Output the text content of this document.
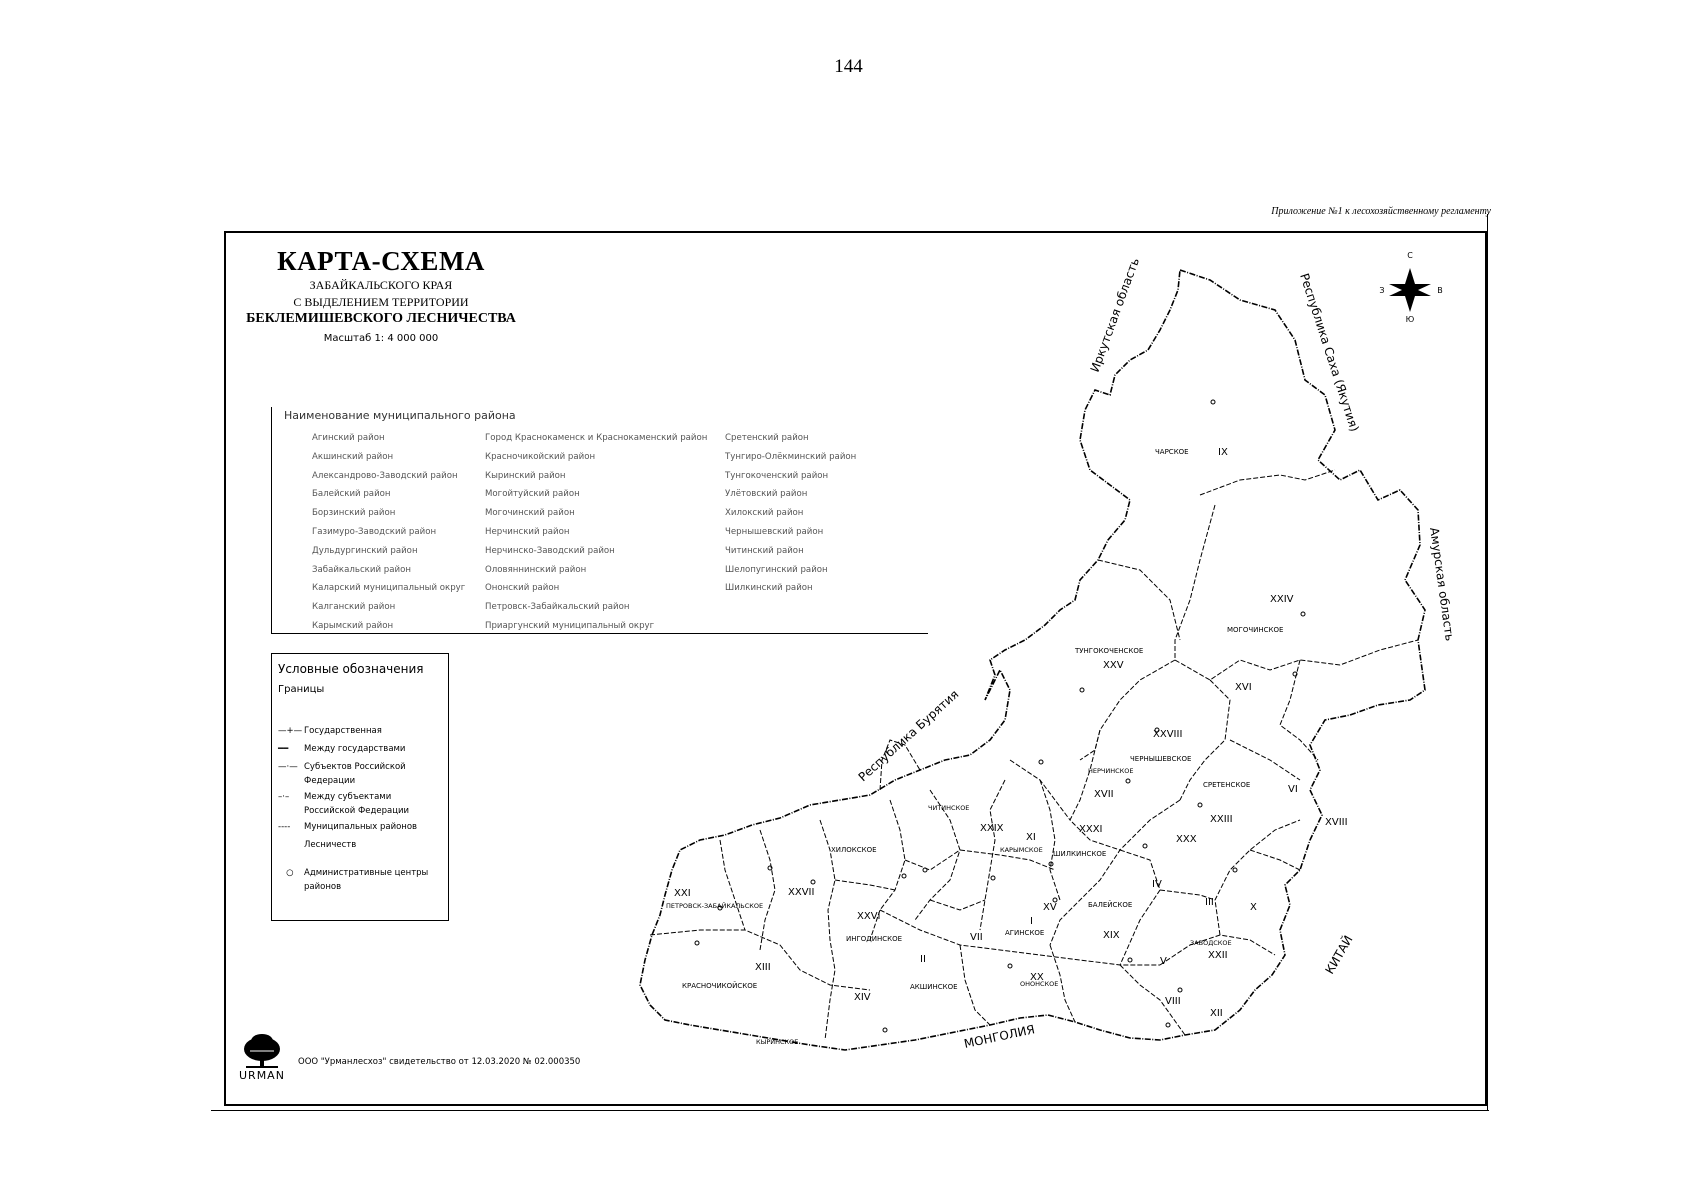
144
Приложение №1 к лесохозяйственному регламенту
С
Ю
З	В
Иркутская область	Республика Саха (Якутия)
Амурская область
Республика Бурятия
МОНГОЛИЯ
КИТАЙ
IX
ЧАРСКОЕ
XXIV
МОГОЧИНСКОЕ
XXV
ТУНГОКОЧЕНСКОЕ
XVI
XXVIII
ЧЕРНЫШЕВСКОЕ
VI
СРЕТЕНСКОЕ
XVII
НЕРЧИНСКОЕ
XXIII	XVIII
XXXI
ШИЛКИНСКОЕ
XXX
XI
КАРЫМСКОЕ
XXIX
ЧИТИНСКОЕ
XXVII
ХИЛОКСКОЕ
XXI
ПЕТРОВСК-ЗАБАЙКАЛЬСКОЕ
XXVI
ИНГОДИНСКОЕ
XIII
КРАСНОЧИКОЙСКОЕ
XIV
КЫРИНСКОЕ
II
АКШИНСКОЕ
VII
I
АГИНСКОЕ
XV
XIX
БАЛЕЙСКОЕ
IV
III
ЗАВОДСКОЕ
X
V
XXII
XX
ОНОНСКОЕ
VIII
XII
КАРТА-СХЕМА
ЗАБАЙКАЛЬСКОГО КРАЯ
С ВЫДЕЛЕНИЕМ ТЕРРИТОРИИ
БЕКЛЕМИШЕВСКОГО ЛЕСНИЧЕСТВА
Масштаб 1: 4 000 000
Наименование муниципального района
Агинский район
Акшинский район
Александрово-Заводский район
Балейский район
Борзинский район
Газимуро-Заводский район
Дульдургинский район
Забайкальский район
Каларский муниципальный округ
Калганский район
Карымский район
Город Краснокаменск и Краснокаменский район
Красночикойский район
Кыринский район
Могойтуйский район
Могочинский район
Нерчинский район
Нерчинско-Заводский район
Оловяннинский район
Ононский район
Петровск-Забайкальский район
Приаргунский муниципальный округ
Сретенский район
Тунгиро-Олёкминский район
Тунгокоченский район
Улётовский район
Хилокский район
Чернышевский район
Читинский район
Шелопугинский район
Шилкинский район
Условные обозначения
Границы
—+— Государственная
━━ Между государствами
—·— Субъектов Российской Федерации
–·– Между субъектами Российской Федерации
---- Муниципальных районов
Лесничеств
○ Административные центры районов
URMAN
ООО "Урманлесхоз" свидетельство от 12.03.2020 № 02.000350
